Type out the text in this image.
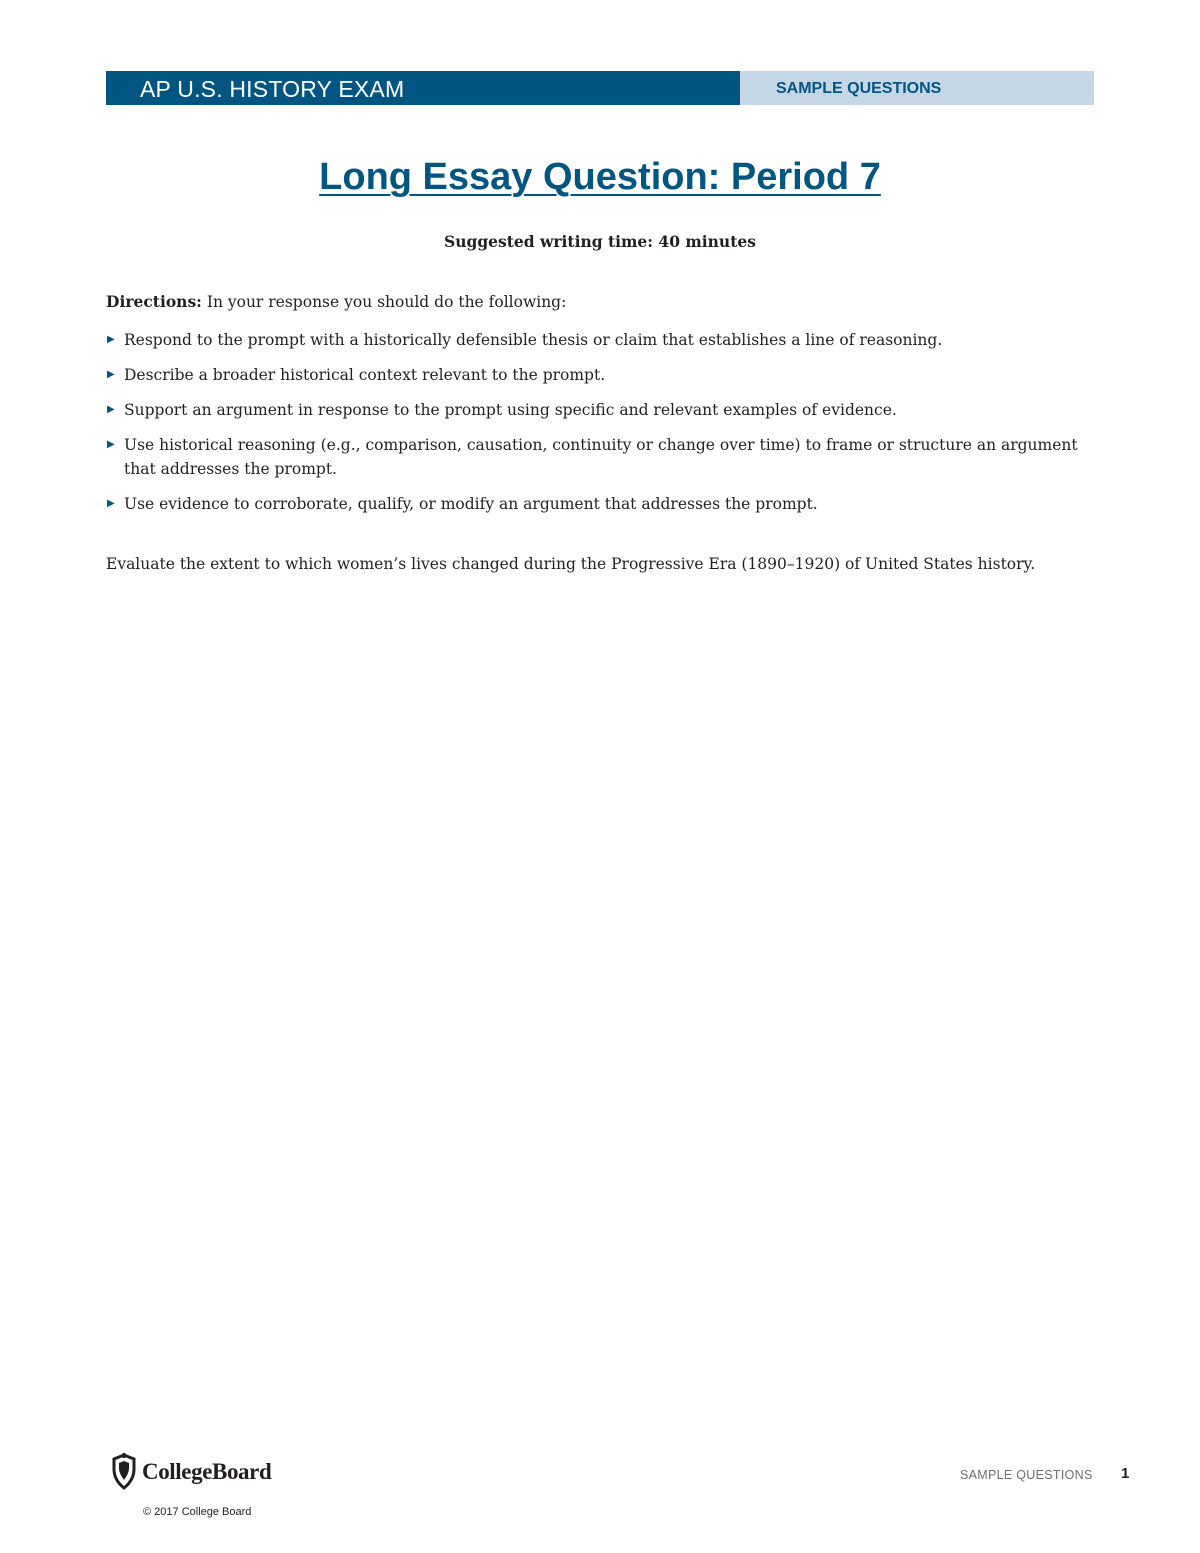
AP U.S. HISTORY EXAM	SAMPLE QUESTIONS
Long Essay Question: Period 7
Suggested writing time: 40 minutes
Directions: In your response you should do the following:
▶ Respond to the prompt with a historically defensible thesis or claim that establishes a line of reasoning.
▶ Describe a broader historical context relevant to the prompt.
▶ Support an argument in response to the prompt using specific and relevant examples of evidence.
▶ Use historical reasoning (e.g., comparison, causation, continuity or change over time) to frame or structure an argument that addresses the prompt.
▶ Use evidence to corroborate, qualify, or modify an argument that addresses the prompt.

Evaluate the extent to which women’s lives changed during the Progressive Era (1890–1920) of United States history.

CollegeBoard
© 2017 College Board
SAMPLE QUESTIONS 1
